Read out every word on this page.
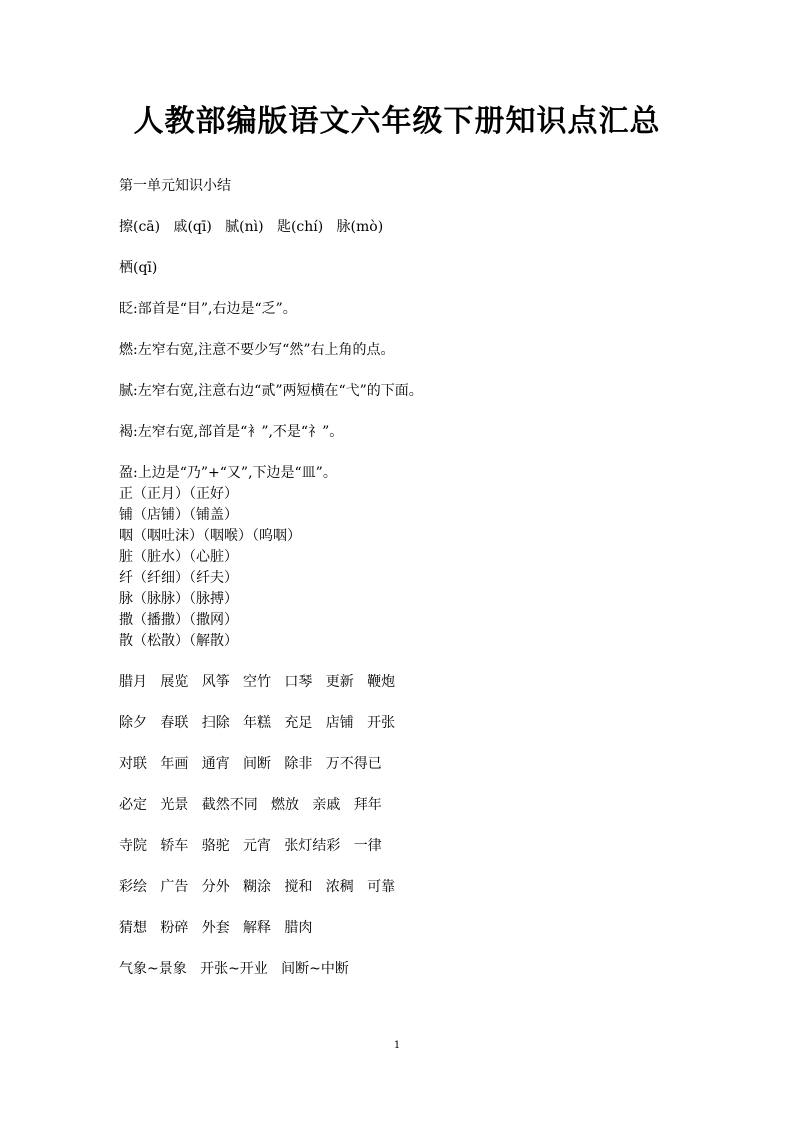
人教部编版语文六年级下册知识点汇总

第一单元知识小结

擦(cā)   戚(qī)   腻(nì)   匙(chí)   脉(mò)

栖(qī)

眨:部首是“目”,右边是“乏”。

燃:左窄右宽,注意不要少写“然”右上角的点。

腻:左窄右宽,注意右边“贰”两短横在“弋”的下面。

褐:左窄右宽,部首是“衤”,不是“礻”。

盈:上边是“乃”+“又”,下边是“皿”。

正（正月）（正好）

铺（店铺）（铺盖）

咽（咽吐沫）（咽喉）（呜咽）

脏（脏水）（心脏）

纤（纤细）（纤夫）

脉（脉脉）（脉搏）

撒（播撒）（撒网）

散（松散）（解散）

腊月   展览   风筝   空竹   口琴   更新   鞭炮

除夕   春联   扫除   年糕   充足   店铺   开张

对联   年画   通宵   间断   除非   万不得已

必定   光景   截然不同   燃放   亲戚   拜年

寺院   轿车   骆驼   元宵   张灯结彩   一律

彩绘   广告   分外   糊涂   搅和   浓稠   可靠

猜想   粉碎   外套   解释   腊肉

气象~景象   开张~开业   间断~中断

1
